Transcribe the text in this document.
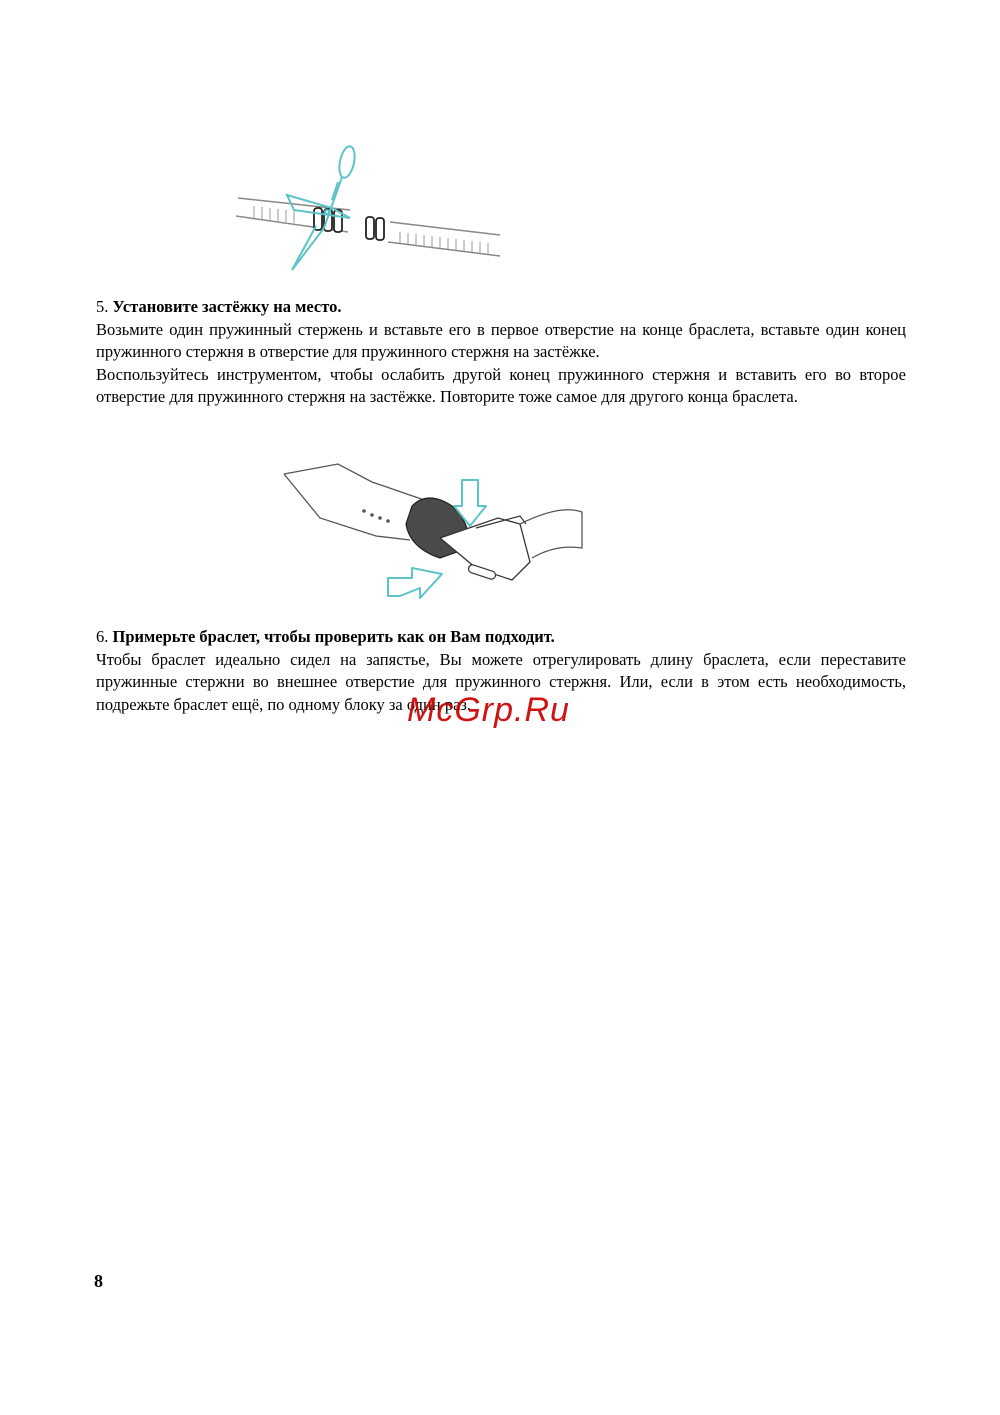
5. Установите застёжку на место.

Возьмите один пружинный стержень и вставьте его в первое отверстие на конце браслета, вставьте один конец пружинного стержня в отверстие для пружинного стержня на застёжке.

Воспользуйтесь инструментом, чтобы ослабить другой конец пружинного стержня и вставить его во второе отверстие для пружинного стержня на застёжке. Повторите тоже самое для другого конца браслета.

6. Примерьте браслет, чтобы проверить как он Вам подходит.

Чтобы браслет идеально сидел на запястье, Вы можете отрегулировать длину браслета, если переставите пружинные стержни во внешнее отверстие для пружинного стержня. Или, если в этом есть необходимость, подрежьте браслет ещё, по одному блоку за один раз.

McGrp.Ru
8
